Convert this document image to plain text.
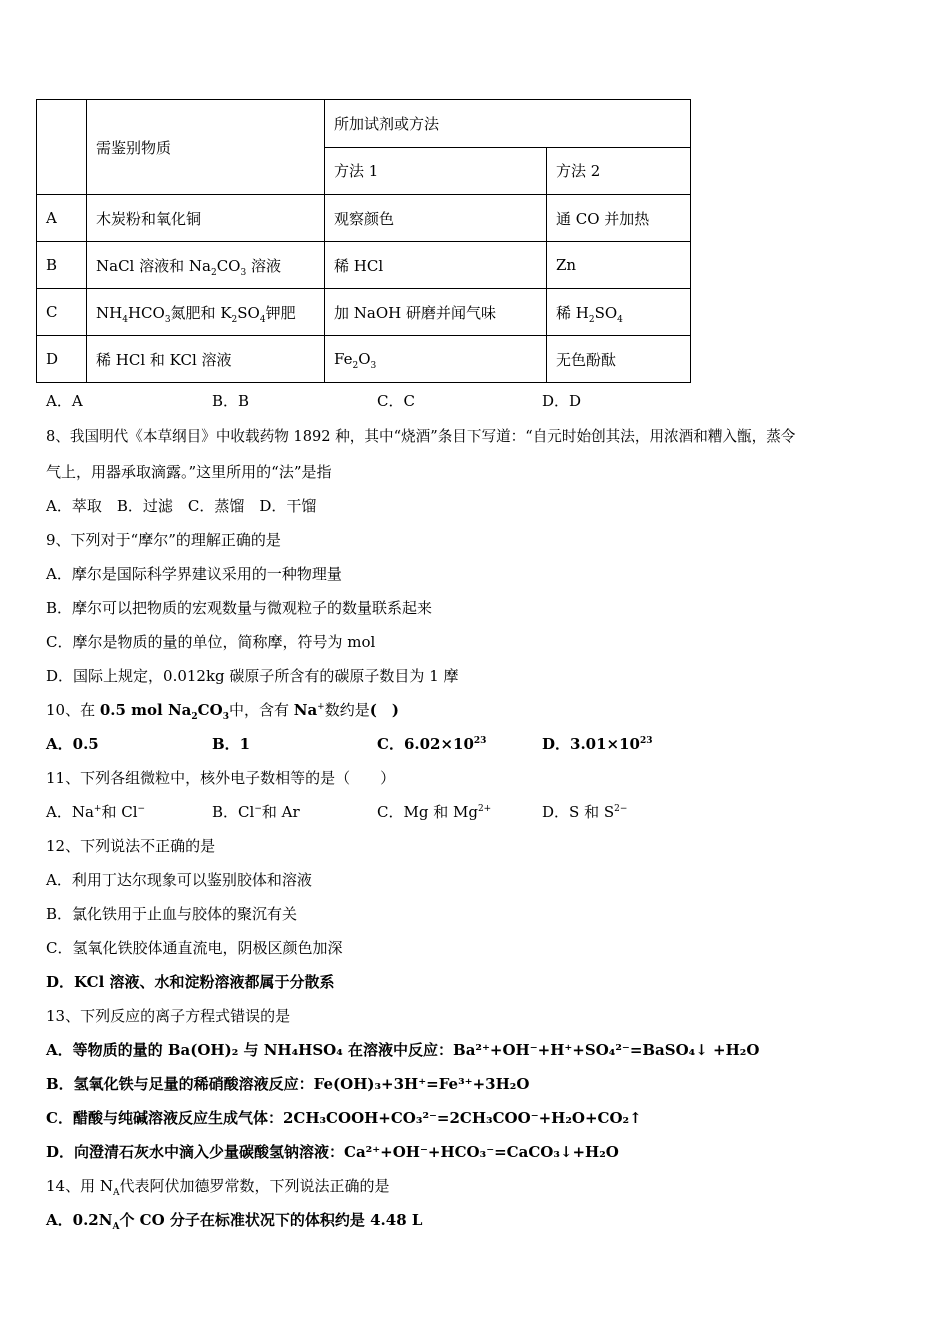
	需鉴别物质	所加试剂或方法	
		方法 1	方法 2
A	木炭粉和氧化铜	观察颜色	通 CO 并加热
B	NaCl 溶液和 $Na_2CO_3$ 溶液	稀 HCl	Zn
C	$NH_4HCO_3$氮肥和 $K_2SO_4$钾肥	加 NaOH 研磨并闻气味	稀 $H_2SO_4$
D	稀 HCl 和 KCl 溶液	$Fe_2O_3$	无色酚酞
A．A	B．B	C．C	D．D
8、我国明代《本草纲目》中收载药物 1892 种，其中“烧酒”条目下写道：“自元时始创其法，用浓酒和糟入甑，蒸令
气上，用器承取滴露。”这里所用的“法”是指
A．萃取　B．过滤　C．蒸馏　D．干馏
9、下列对于“摩尔”的理解正确的是
A．摩尔是国际科学界建议采用的一种物理量
B．摩尔可以把物质的宏观数量与微观粒子的数量联系起来
C．摩尔是物质的量的单位，简称摩，符号为 mol
D．国际上规定，0.012kg 碳原子所含有的碳原子数目为 1 摩
10、在 0.5 mol $Na_2CO_3$中，含有 Na+数约是(　)
A．0.5	B．1	C．$6.02\times 10^{23}$	D．$3.01\times 10^{23}$
11、下列各组微粒中，核外电子数相等的是（　　）
A．Na+和 Cl−	B．Cl−和 Ar	C．Mg 和 $Mg^{2+}$	D．S 和 $S^{2-}$
12、下列说法不正确的是
A．利用丁达尔现象可以鉴别胶体和溶液
B．氯化铁用于止血与胶体的聚沉有关
C．氢氧化铁胶体通直流电，阴极区颜色加深
D．KCl 溶液、水和淀粉溶液都属于分散系
13、下列反应的离子方程式错误的是
A．等物质的量的 Ba(OH)₂ 与 NH₄HSO₄ 在溶液中反应：Ba²⁺+OH⁻+H⁺+SO₄²⁻=BaSO₄↓ +H₂O
B．氢氧化铁与足量的稀硝酸溶液反应：Fe(OH)₃+3H⁺=Fe³⁺+3H₂O
C．醋酸与纯碱溶液反应生成气体：2CH₃COOH+CO₃²⁻=2CH₃COO⁻+H₂O+CO₂↑
D．向澄清石灰水中滴入少量碳酸氢钠溶液：Ca²⁺+OH⁻+HCO₃⁻=CaCO₃↓+H₂O
14、用 $N_A$代表阿伏加德罗常数，下列说法正确的是
A．$0.2N_A$个 CO 分子在标准状况下的体积约是 4.48 L
